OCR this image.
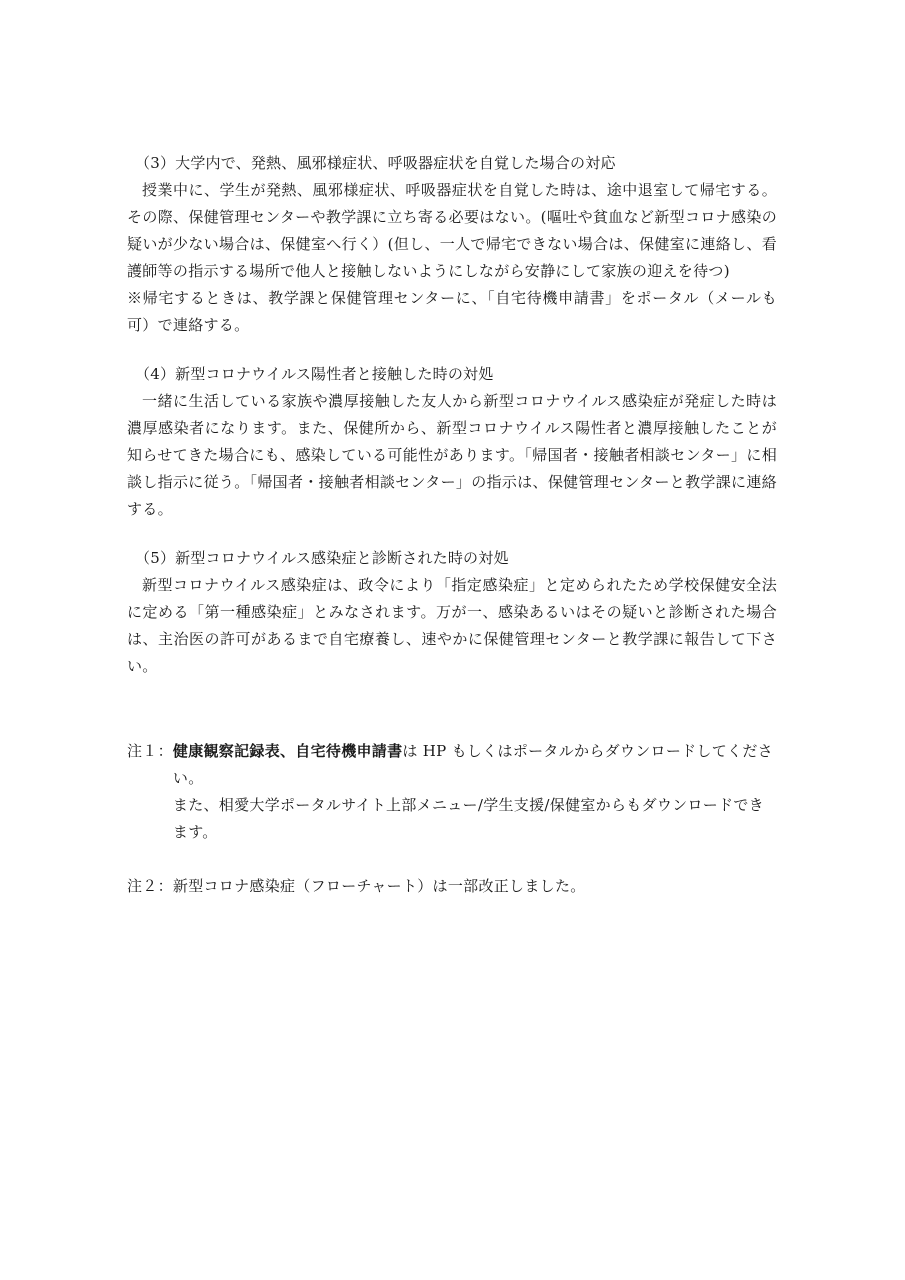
（3）大学内で、発熱、風邪様症状、呼吸器症状を自覚した場合の対応

授業中に、学生が発熱、風邪様症状、呼吸器症状を自覚した時は、途中退室して帰宅する。その際、保健管理センターや教学課に立ち寄る必要はない。(嘔吐や貧血など新型コロナ感染の疑いが少ない場合は、保健室へ行く）(但し、一人で帰宅できない場合は、保健室に連絡し、看護師等の指示する場所で他人と接触しないようにしながら安静にして家族の迎えを待つ)

※帰宅するときは、教学課と保健管理センターに、「自宅待機申請書」をポータル（メールも可）で連絡する。

（4）新型コロナウイルス陽性者と接触した時の対処

一緒に生活している家族や濃厚接触した友人から新型コロナウイルス感染症が発症した時は濃厚感染者になります。また、保健所から、新型コロナウイルス陽性者と濃厚接触したことが知らせてきた場合にも、感染している可能性があります。「帰国者・接触者相談センター」に相談し指示に従う。「帰国者・接触者相談センター」の指示は、保健管理センターと教学課に連絡する。

（5）新型コロナウイルス感染症と診断された時の対処

新型コロナウイルス感染症は、政令により「指定感染症」と定められたため学校保健安全法に定める「第一種感染症」とみなされます。万が一、感染あるいはその疑いと診断された場合は、主治医の許可があるまで自宅療養し、速やかに保健管理センターと教学課に報告して下さい。

注１： 健康観察記録表、自宅待機申請書は HP もしくはポータルからダウンロードしてください。
また、相愛大学ポータルサイト上部メニュー/学生支援/保健室からもダウンロードできます。
注２： 新型コロナ感染症（フローチャート）は一部改正しました。
